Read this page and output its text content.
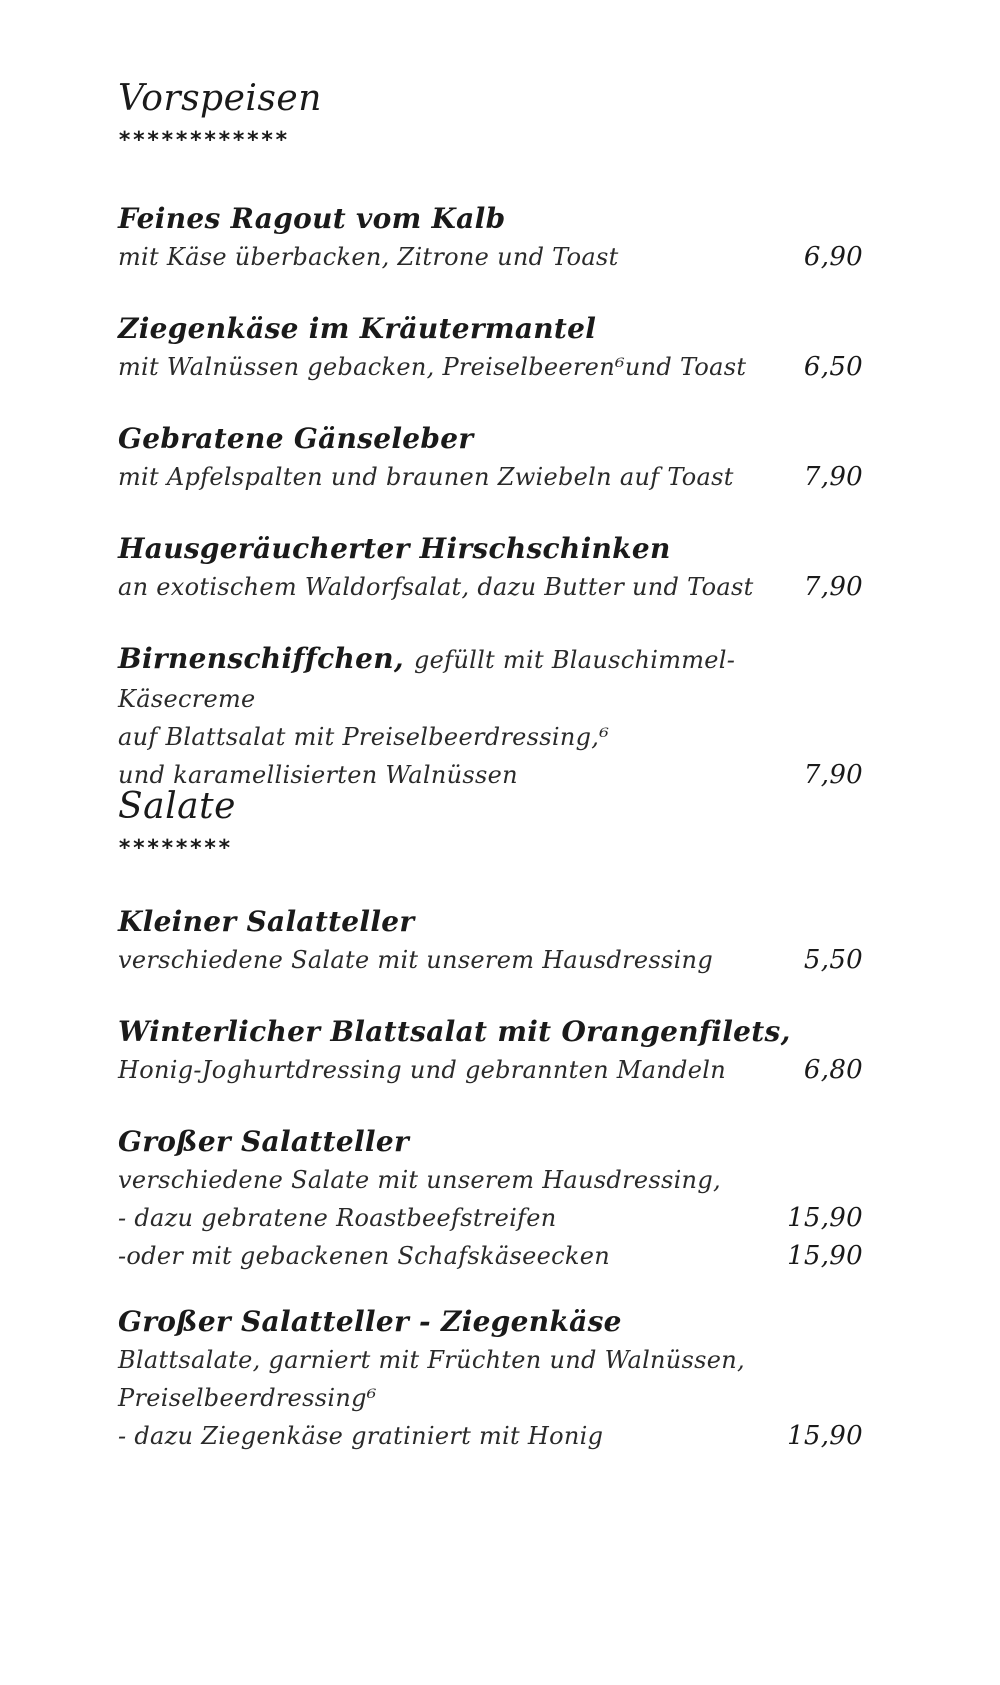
Vorspeisen
************
Feines Ragout vom Kalb
mit Käse überbacken, Zitrone und Toast	6,90
Ziegenkäse im Kräutermantel
mit Walnüssen gebacken, Preiselbeeren⁶und Toast 6,50
Gebratene Gänseleber
mit Apfelspalten und braunen Zwiebeln auf Toast	7,90
Hausgeräucherter Hirschschinken
an exotischem Waldorfsalat, dazu Butter und Toast 7,90
Birnenschiffchen, gefüllt mit Blauschimmel-Käsecreme
auf Blattsalat mit Preiselbeerdressing,⁶
und karamellisierten Walnüssen	7,90
Salate
********
Kleiner Salatteller
verschiedene Salate mit unserem Hausdressing	5,50
Winterlicher Blattsalat mit Orangenfilets,
Honig-Joghurtdressing und gebrannten Mandeln	6,80
Großer Salatteller
verschiedene Salate mit unserem Hausdressing,
- dazu gebratene Roastbeefstreifen	15,90
-oder mit gebackenen Schafskäseecken	15,90
Großer Salatteller - Ziegenkäse
Blattsalate, garniert mit Früchten und Walnüssen,
Preiselbeerdressing⁶
- dazu Ziegenkäse gratiniert mit Honig	15,90
